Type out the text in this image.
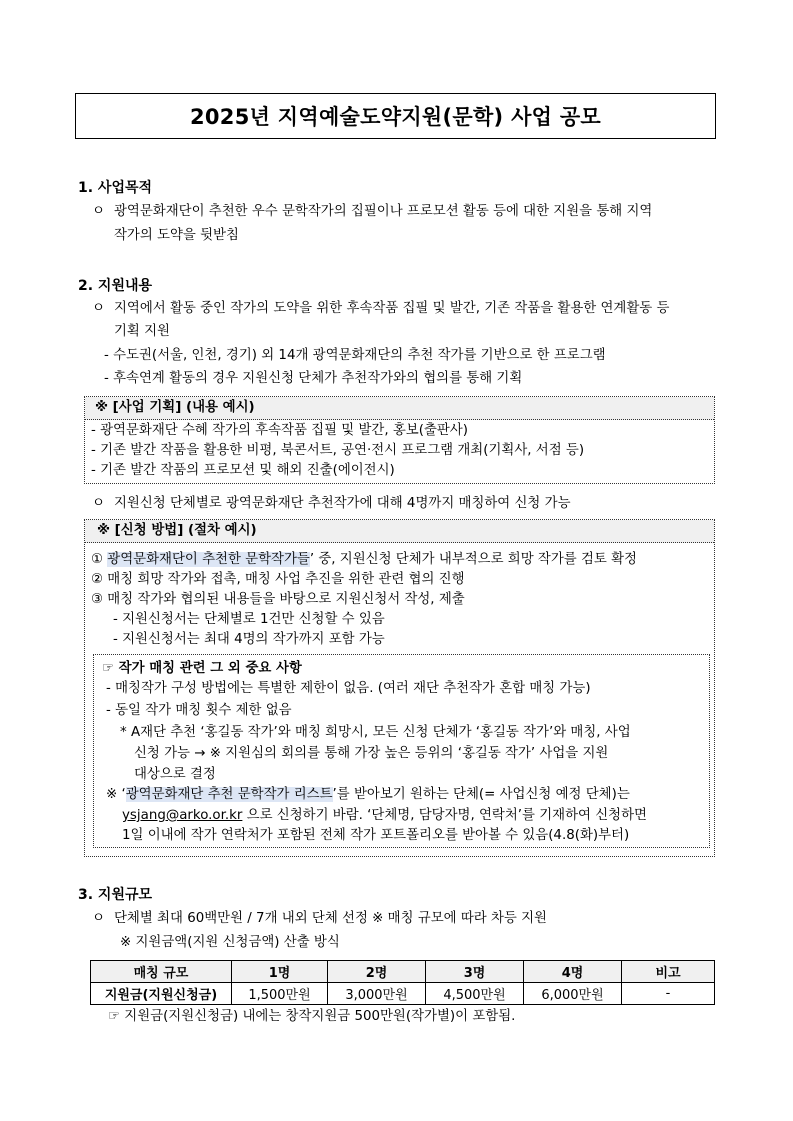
2025년 지역예술도약지원(문학) 사업 공모
1. 사업목적
ㅇ 광역문화재단이 추천한 우수 문학작가의 집필이나 프로모션 활동 등에 대한 지원을 통해 지역
작가의 도약을 뒷받침
2. 지원내용
ㅇ 지역에서 활동 중인 작가의 도약을 위한 후속작품 집필 및 발간, 기존 작품을 활용한 연계활동 등
기획 지원
- 수도권(서울, 인천, 경기) 외 14개 광역문화재단의 추천 작가를 기반으로 한 프로그램
- 후속연계 활동의 경우 지원신청 단체가 추천작가와의 협의를 통해 기획
※ [사업 기획] (내용 예시)
- 광역문화재단 수혜 작가의 후속작품 집필 및 발간, 홍보(출판사)
- 기존 발간 작품을 활용한 비평, 북콘서트, 공연·전시 프로그램 개최(기획사, 서점 등)
- 기존 발간 작품의 프로모션 및 해외 진출(에이전시)
ㅇ 지원신청 단체별로 광역문화재단 추천작가에 대해 4명까지 매칭하여 신청 가능
※ [신청 방법] (절차 예시)
① 광역문화재단이 추천한 문학작가들’ 중, 지원신청 단체가 내부적으로 희망 작가를 검토 확정
② 매칭 희망 작가와 접촉, 매칭 사업 추진을 위한 관련 협의 진행
③ 매칭 작가와 협의된 내용들을 바탕으로 지원신청서 작성, 제출
- 지원신청서는 단체별로 1건만 신청할 수 있음
- 지원신청서는 최대 4명의 작가까지 포함 가능
☞ 작가 매칭 관련 그 외 중요 사항
- 매칭작가 구성 방법에는 특별한 제한이 없음. (여러 재단 추천작가 혼합 매칭 가능)
- 동일 작가 매칭 횟수 제한 없음
* A재단 추천 ‘홍길동 작가’와 매칭 희망시, 모든 신청 단체가 ‘홍길동 작가’와 매칭, 사업
신청 가능 → ※ 지원심의 회의를 통해 가장 높은 등위의 ‘홍길동 작가’ 사업을 지원
대상으로 결정
※ ‘광역문화재단 추천 문학작가 리스트’를 받아보기 원하는 단체(= 사업신청 예정 단체)는
ysjang@arko.or.kr 으로 신청하기 바람. ‘단체명, 담당자명, 연락처’를 기재하여 신청하면
1일 이내에 작가 연락처가 포함된 전체 작가 포트폴리오를 받아볼 수 있음(4.8(화)부터)
3. 지원규모
ㅇ 단체별 최대 60백만원 / 7개 내외 단체 선정 ※ 매칭 규모에 따라 차등 지원
※ 지원금액(지원 신청금액) 산출 방식
매칭 규모	1명	2명	3명	4명	비고
지원금(지원신청금)	1,500만원	3,000만원	4,500만원	6,000만원	-
☞ 지원금(지원신청금) 내에는 창작지원금 500만원(작가별)이 포함됨.
